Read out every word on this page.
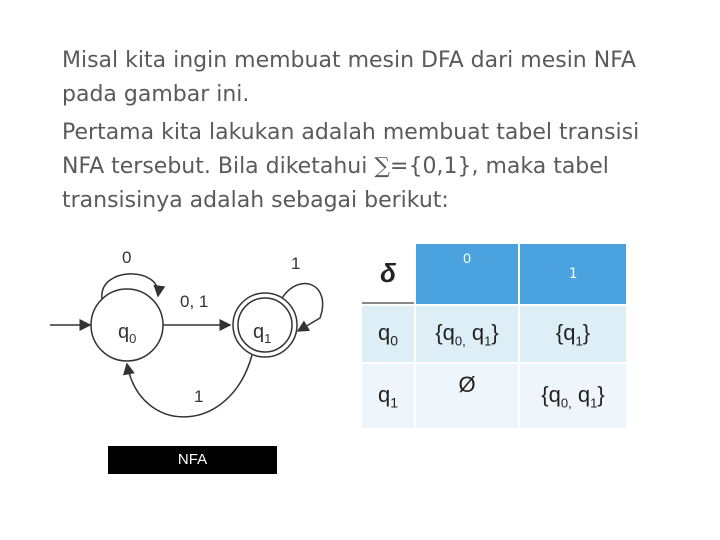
Misal kita ingin membuat mesin DFA dari mesin NFA pada gambar ini.

Pertama kita lakukan adalah membuat tabel transisi NFA tersebut. Bila diketahui ∑={0,1}, maka tabel transisinya adalah sebagai berikut:

$q_0$	$q_1$
0
0, 1
1
1
NFA
δ	0	1
$q_0$	{$q_{0,}$ $q_1$}	$\{q_1\}$
$q_1$	Ø	{$q_{0,}$ $q_1$}
